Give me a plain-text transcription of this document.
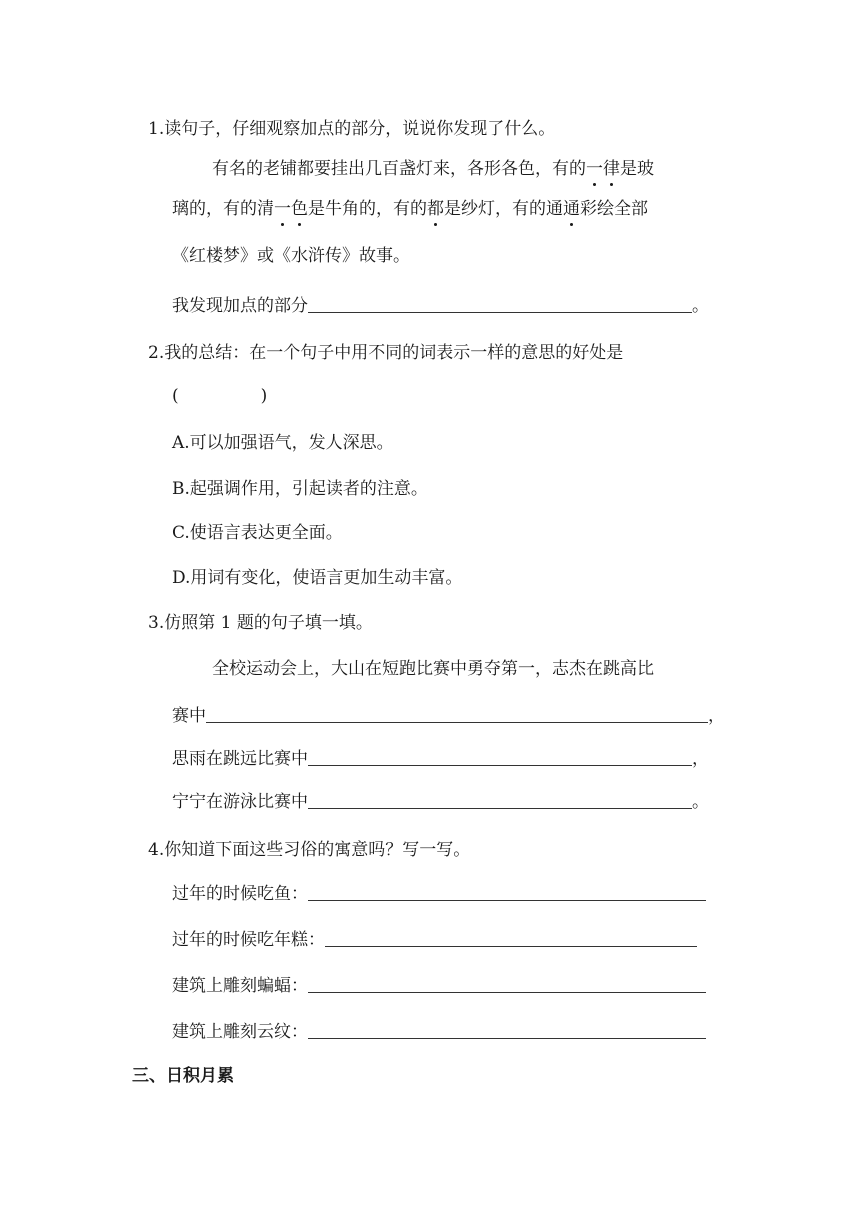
1.读句子，仔细观察加点的部分，说说你发现了什么。
有名的老铺都要挂出几百盏灯来，各形各色，有的一律是玻
璃的，有的清一色是牛角的，有的都是纱灯，有的通通彩绘全部
《红楼梦》或《水浒传》故事。
我发现加点的部分	。
2.我的总结：在一个句子中用不同的词表示一样的意思的好处是
(	)
A.可以加强语气，发人深思。
B.起强调作用，引起读者的注意。
C.使语言表达更全面。
D.用词有变化，使语言更加生动丰富。
3.仿照第 1 题的句子填一填。
全校运动会上，大山在短跑比赛中勇夺第一，志杰在跳高比
赛中	，
思雨在跳远比赛中	，
宁宁在游泳比赛中	。
4.你知道下面这些习俗的寓意吗？写一写。
过年的时候吃鱼：
过年的时候吃年糕：
建筑上雕刻蝙蝠：
建筑上雕刻云纹：
三、日积月累
